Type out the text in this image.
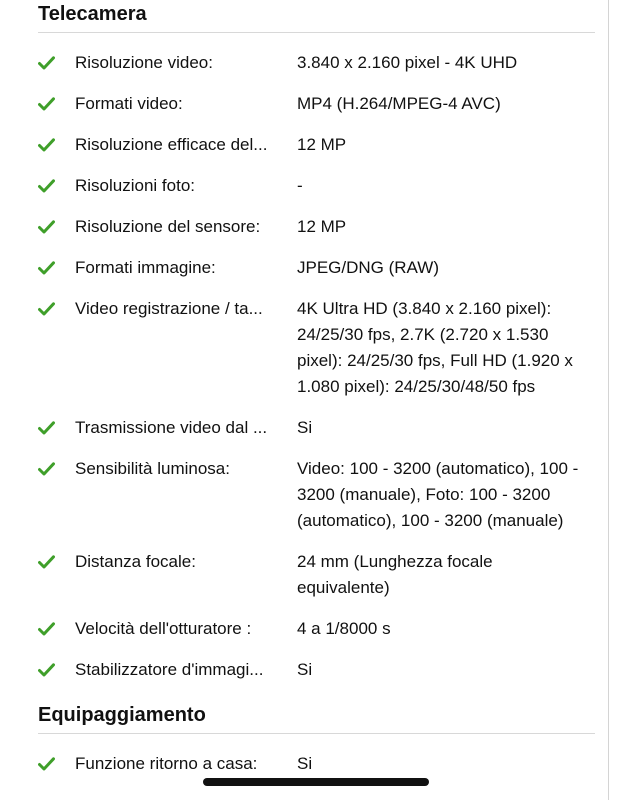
Telecamera
Risoluzione video:	3.840 x 2.160 pixel - 4K UHD
Formati video:	MP4 (H.264/MPEG-4 AVC)
Risoluzione efficace del...	12 MP
Risoluzioni foto:	-
Risoluzione del sensore:	12 MP
Formati immagine:	JPEG/DNG (RAW)
Video registrazione / ta...	4K Ultra HD (3.840 x 2.160 pixel): 24/25/30 fps, 2.7K (2.720 x 1.530 pixel): 24/25/30 fps, Full HD (1.920 x 1.080 pixel): 24/25/30/48/50 fps
Trasmissione video dal ...	Si
Sensibilità luminosa:	Video: 100 - 3200 (automatico), 100 - 3200 (manuale), Foto: 100 - 3200 (automatico), 100 - 3200 (manuale)
Distanza focale:	24 mm (Lunghezza focale equivalente)
Velocità dell'otturatore :	4 a 1/8000 s
Stabilizzatore d'immagi...	Si
Equipaggiamento
Funzione ritorno a casa:	Si
